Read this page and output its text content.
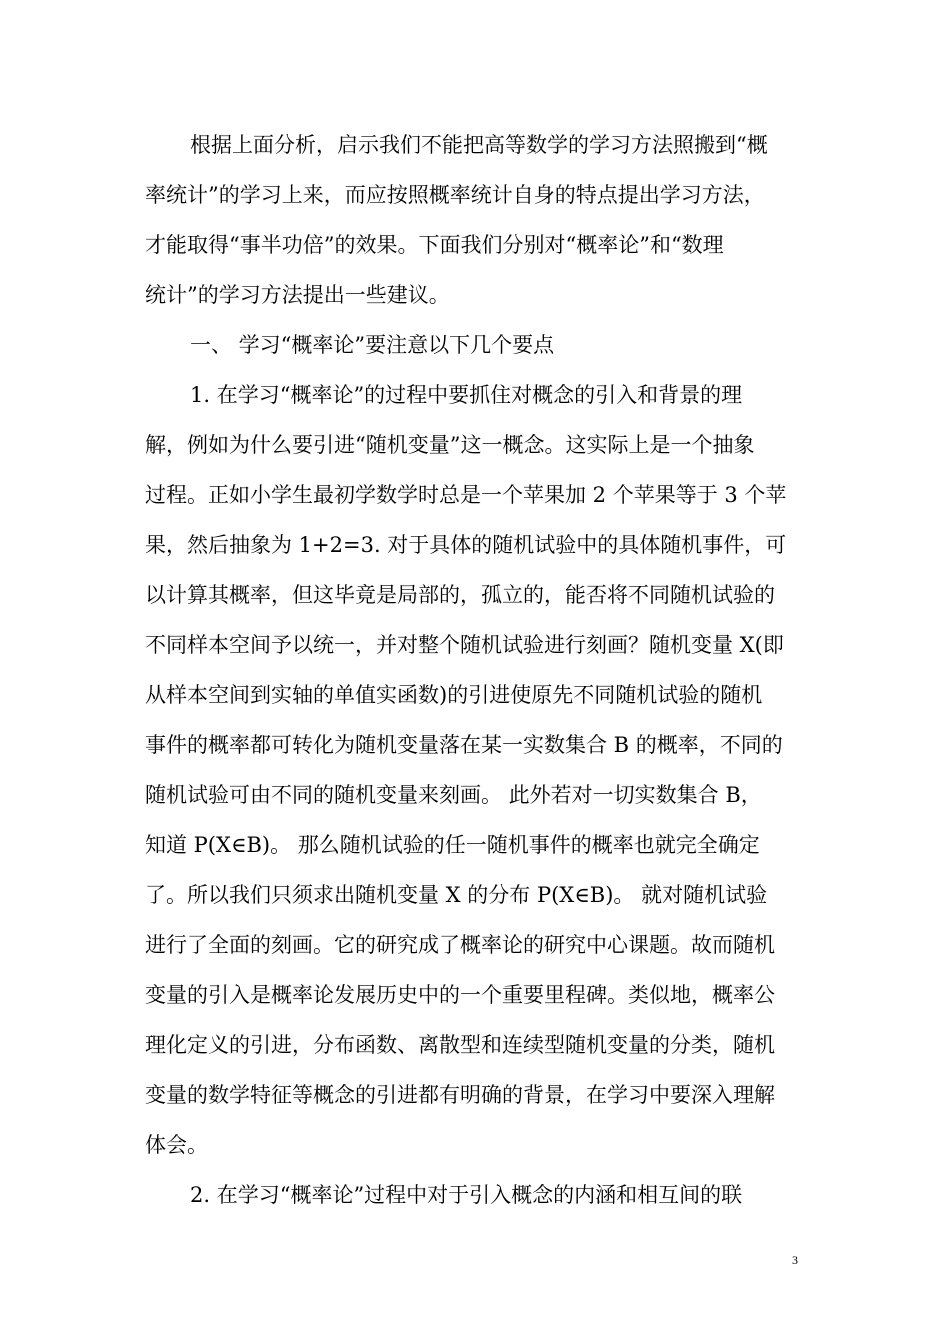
根据上面分析，启示我们不能把高等数学的学习方法照搬到“概
率统计”的学习上来，而应按照概率统计自身的特点提出学习方法，
才能取得“事半功倍”的效果。下面我们分别对“概率论”和“数理
统计”的学习方法提出一些建议。
一、 学习“概率论”要注意以下几个要点
1. 在学习“概率论”的过程中要抓住对概念的引入和背景的理
解，例如为什么要引进“随机变量”这一概念。这实际上是一个抽象
过程。正如小学生最初学数学时总是一个苹果加 2 个苹果等于 3 个苹
果，然后抽象为 1+2=3. 对于具体的随机试验中的具体随机事件，可
以计算其概率，但这毕竟是局部的，孤立的，能否将不同随机试验的
不同样本空间予以统一，并对整个随机试验进行刻画？随机变量 X(即
从样本空间到实轴的单值实函数)的引进使原先不同随机试验的随机
事件的概率都可转化为随机变量落在某一实数集合 B 的概率，不同的
随机试验可由不同的随机变量来刻画。 此外若对一切实数集合 B，
知道 P(X∈B)。 那么随机试验的任一随机事件的概率也就完全确定
了。所以我们只须求出随机变量 X 的分布 P(X∈B)。 就对随机试验
进行了全面的刻画。它的研究成了概率论的研究中心课题。故而随机
变量的引入是概率论发展历史中的一个重要里程碑。类似地，概率公
理化定义的引进，分布函数、离散型和连续型随机变量的分类，随机
变量的数学特征等概念的引进都有明确的背景，在学习中要深入理解
体会。
2. 在学习“概率论”过程中对于引入概念的内涵和相互间的联
3
